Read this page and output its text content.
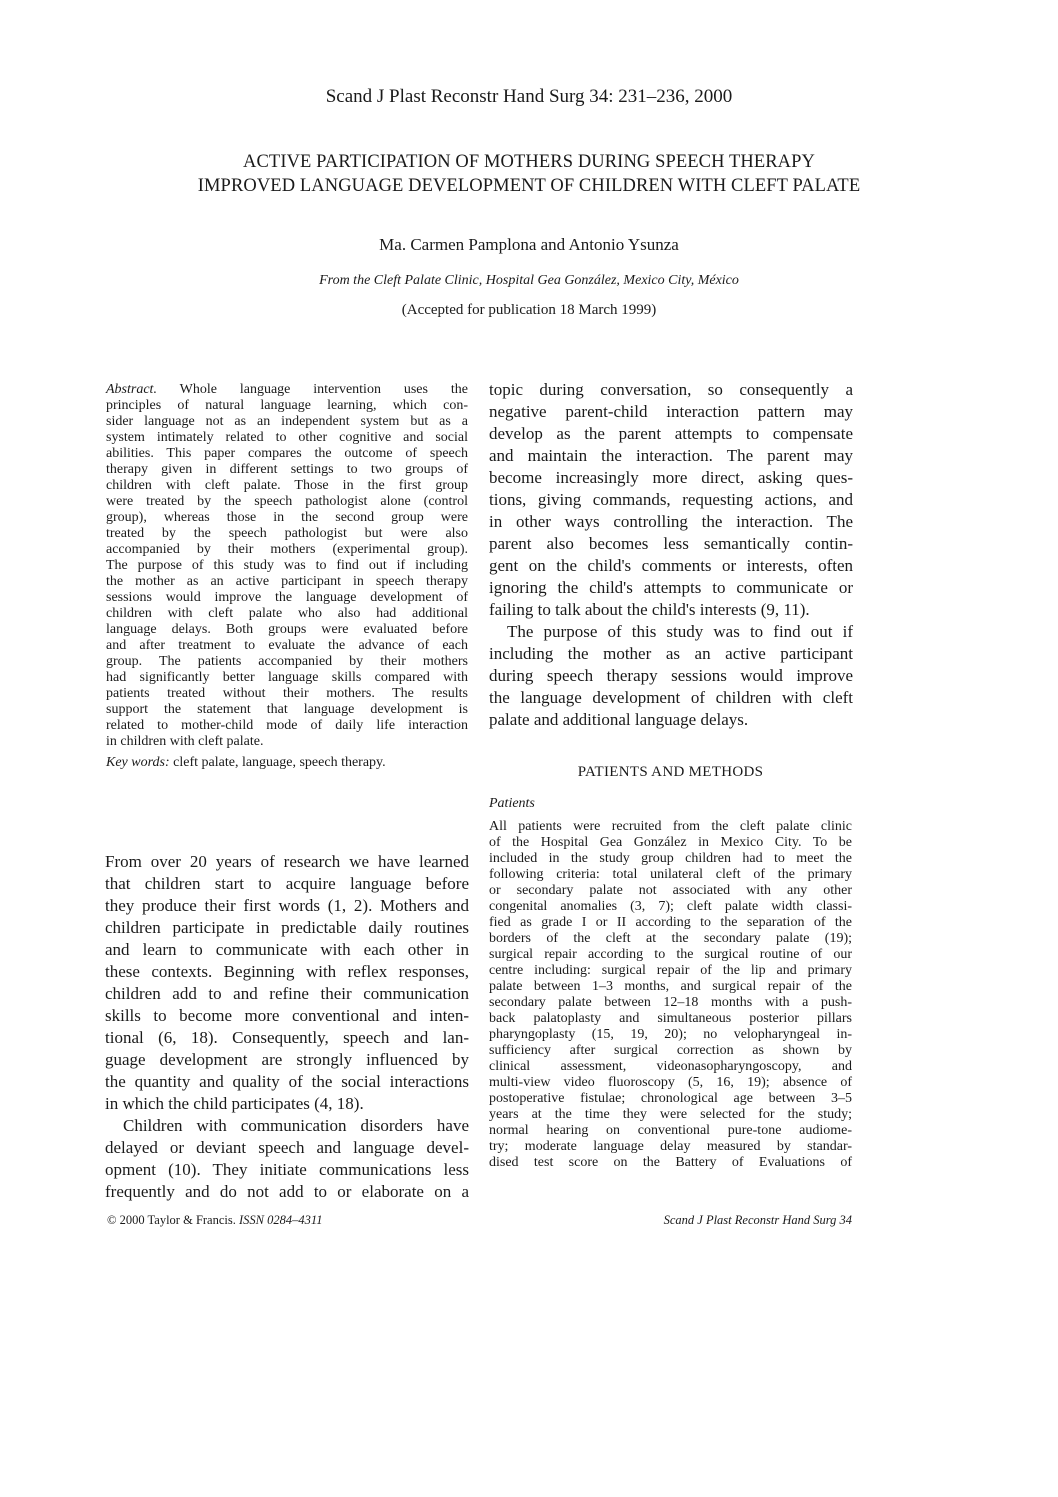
Scand J Plast Reconstr Hand Surg 34: 231–236, 2000
ACTIVE PARTICIPATION OF MOTHERS DURING SPEECH THERAPY
IMPROVED LANGUAGE DEVELOPMENT OF CHILDREN WITH CLEFT PALATE
Ma. Carmen Pamplona and Antonio Ysunza
From the Cleft Palate Clinic, Hospital Gea González, Mexico City, México
(Accepted for publication 18 March 1999)
Abstract. Whole language intervention uses the
principles of natural language learning, which con-
sider language not as an independent system but as a
system intimately related to other cognitive and social
abilities. This paper compares the outcome of speech
therapy given in different settings to two groups of
children with cleft palate. Those in the first group
were treated by the speech pathologist alone (control
group), whereas those in the second group were
treated by the speech pathologist but were also
accompanied by their mothers (experimental group).
The purpose of this study was to find out if including
the mother as an active participant in speech therapy
sessions would improve the language development of
children with cleft palate who also had additional
language delays. Both groups were evaluated before
and after treatment to evaluate the advance of each
group. The patients accompanied by their mothers
had significantly better language skills compared with
patients treated without their mothers. The results
support the statement that language development is
related to mother-child mode of daily life interaction
in children with cleft palate.
Key words: cleft palate, language, speech therapy.
From over 20 years of research we have learned
that children start to acquire language before
they produce their first words (1, 2). Mothers and
children participate in predictable daily routines
and learn to communicate with each other in
these contexts. Beginning with reflex responses,
children add to and refine their communication
skills to become more conventional and inten-
tional (6, 18). Consequently, speech and lan-
guage development are strongly influenced by
the quantity and quality of the social interactions
in which the child participates (4, 18).
Children with communication disorders have
delayed or deviant speech and language devel-
opment (10). They initiate communications less
frequently and do not add to or elaborate on a
topic during conversation, so consequently a
negative parent-child interaction pattern may
develop as the parent attempts to compensate
and maintain the interaction. The parent may
become increasingly more direct, asking ques-
tions, giving commands, requesting actions, and
in other ways controlling the interaction. The
parent also becomes less semantically contin-
gent on the child's comments or interests, often
ignoring the child's attempts to communicate or
failing to talk about the child's interests (9, 11).
The purpose of this study was to find out if
including the mother as an active participant
during speech therapy sessions would improve
the language development of children with cleft
palate and additional language delays.
PATIENTS AND METHODS
Patients
All patients were recruited from the cleft palate clinic
of the Hospital Gea González in Mexico City. To be
included in the study group children had to meet the
following criteria: total unilateral cleft of the primary
or secondary palate not associated with any other
congenital anomalies (3, 7); cleft palate width classi-
fied as grade I or II according to the separation of the
borders of the cleft at the secondary palate (19);
surgical repair according to the surgical routine of our
centre including: surgical repair of the lip and primary
palate between 1–3 months, and surgical repair of the
secondary palate between 12–18 months with a push-
back palatoplasty and simultaneous posterior pillars
pharyngoplasty (15, 19, 20); no velopharyngeal in-
sufficiency after surgical correction as shown by
clinical assessment, videonasopharyngoscopy, and
multi-view video fluoroscopy (5, 16, 19); absence of
postoperative fistulae; chronological age between 3–5
years at the time they were selected for the study;
normal hearing on conventional pure-tone audiome-
try; moderate language delay measured by standar-
dised test score on the Battery of Evaluations of
© 2000 Taylor & Francis. ISSN 0284–4311	Scand J Plast Reconstr Hand Surg 34
